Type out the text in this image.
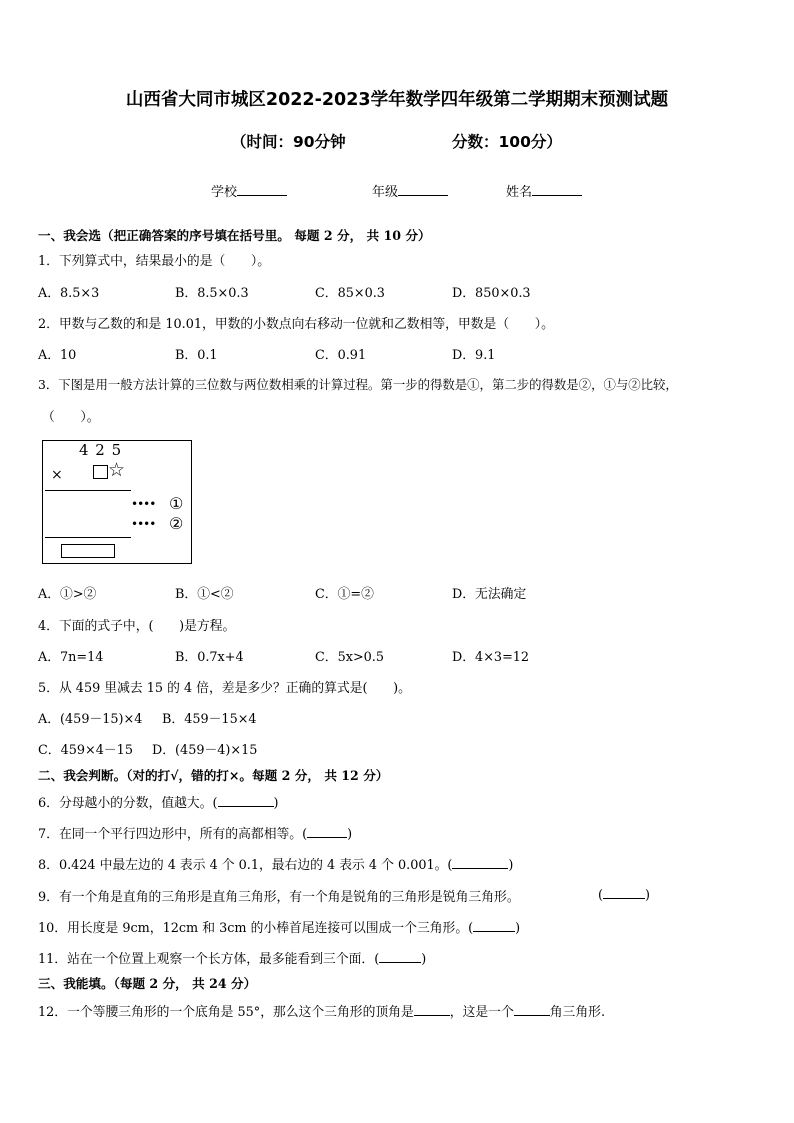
山西省大同市城区2022-2023学年数学四年级第二学期期末预测试题
（时间：90分钟	分数：100分）
学校	年级	姓名
一、我会选（把正确答案的序号填在括号里。 每题 2 分， 共 10 分）
1．下列算式中，结果最小的是（　　）。
A．8.5×3	B．8.5×0.3	C．85×0.3	D．850×0.3
2．甲数与乙数的和是 10.01，甲数的小数点向右移动一位就和乙数相等，甲数是（　　）。
A．10	B．0.1	C．0.91	D．9.1
3．下图是用一般方法计算的三位数与两位数相乘的计算过程。第一步的得数是①，第二步的得数是②，①与②比较，
（　　）。
4 2 5
× ☆
•••• ①
•••• ②
A．①>②	B．①<②	C．①=②	D．无法确定
4．下面的式子中，(　　)是方程。
A．7n=14	B．0.7x+4	C．5x>0.5	D．4×3=12
5．从 459 里减去 15 的 4 倍，差是多少？正确的算式是(　　)。
A．(459－15)×4 B．459－15×4
C．459×4－15 D．(459－4)×15
二、我会判断。（对的打√，错的打×。每题 2 分， 共 12 分）
6．分母越小的分数，值越大。(	)
7．在同一个平行四边形中，所有的高都相等。(	)
8．0.424 中最左边的 4 表示 4 个 0.1，最右边的 4 表示 4 个 0.001。(	)
9．有一个角是直角的三角形是直角三角形，有一个角是锐角的三角形是锐角三角形。	(	)
10．用长度是 9cm，12cm 和 3cm 的小棒首尾连接可以围成一个三角形。(	)
11．站在一个位置上观察一个长方体，最多能看到三个面．(	)
三、我能填。（每题 2 分， 共 24 分）
12．一个等腰三角形的一个底角是 55°，那么这个三角形的顶角是	，这是一个	角三角形.
